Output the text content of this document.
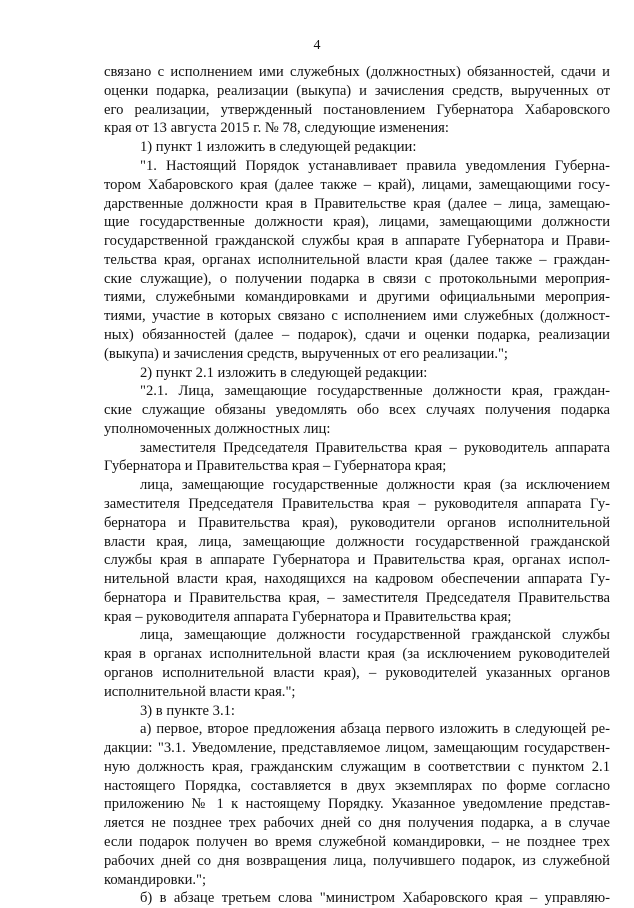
4
связано с исполнением ими служебных (должностных) обязанностей, сдачи и
оценки подарка, реализации (выкупа) и зачисления средств, вырученных от
его реализации, утвержденный постановлением Губернатора Хабаровского
края от 13 августа 2015 г. № 78, следующие изменения:
1) пункт 1 изложить в следующей редакции:
"1. Настоящий Порядок устанавливает правила уведомления Губерна-
тором Хабаровского края (далее также – край), лицами, замещающими госу-
дарственные должности края в Правительстве края (далее – лица, замещаю-
щие государственные должности края), лицами, замещающими должности
государственной гражданской службы края в аппарате Губернатора и Прави-
тельства края, органах исполнительной власти края (далее также – граждан-
ские служащие), о получении подарка в связи с протокольными мероприя-
тиями, служебными командировками и другими официальными мероприя-
тиями, участие в которых связано с исполнением ими служебных (должност-
ных) обязанностей (далее – подарок), сдачи и оценки подарка, реализации
(выкупа) и зачисления средств, вырученных от его реализации.";
2) пункт 2.1 изложить в следующей редакции:
"2.1. Лица, замещающие государственные должности края, граждан-
ские служащие обязаны уведомлять обо всех случаях получения подарка
уполномоченных должностных лиц:
заместителя Председателя Правительства края – руководитель аппарата
Губернатора и Правительства края – Губернатора края;
лица, замещающие государственные должности края (за исключением
заместителя Председателя Правительства края – руководителя аппарата Гу-
бернатора и Правительства края), руководители органов исполнительной
власти края, лица, замещающие должности государственной гражданской
службы края в аппарате Губернатора и Правительства края, органах испол-
нительной власти края, находящихся на кадровом обеспечении аппарата Гу-
бернатора и Правительства края, – заместителя Председателя Правительства
края – руководителя аппарата Губернатора и Правительства края;
лица, замещающие должности государственной гражданской службы
края в органах исполнительной власти края (за исключением руководителей
органов исполнительной власти края), – руководителей указанных органов
исполнительной власти края.";
3) в пункте 3.1:
а) первое, второе предложения абзаца первого изложить в следующей ре-
дакции: "3.1. Уведомление, представляемое лицом, замещающим государствен-
ную должность края, гражданским служащим в соответствии с пунктом 2.1
настоящего Порядка, составляется в двух экземплярах по форме согласно
приложению № 1 к настоящему Порядку. Указанное уведомление представ-
ляется не позднее трех рабочих дней со дня получения подарка, а в случае
если подарок получен во время служебной командировки, – не позднее трех
рабочих дней со дня возвращения лица, получившего подарок, из служебной
командировки.";
б) в абзаце третьем слова "министром Хабаровского края – управляю-
